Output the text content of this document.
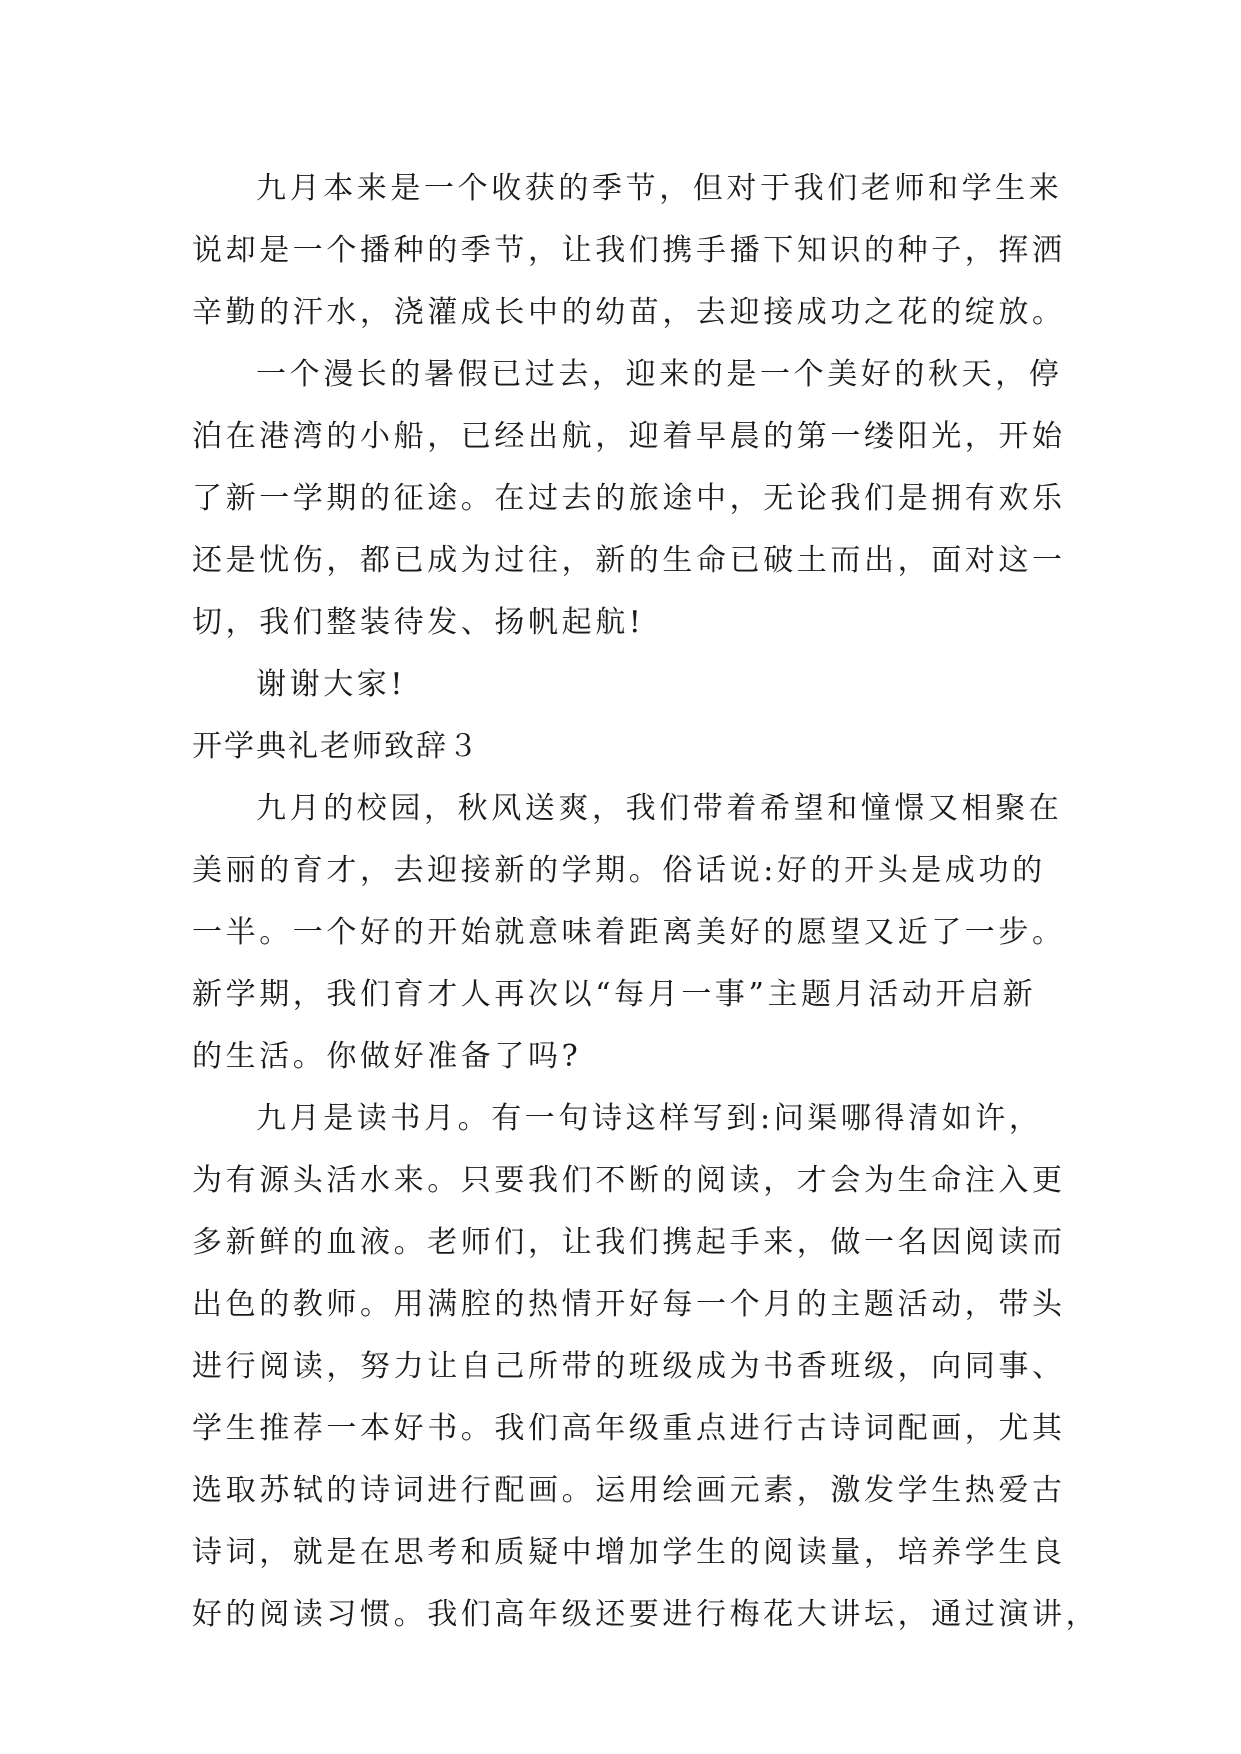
九月本来是一个收获的季节，但对于我们老师和学生来
说却是一个播种的季节，让我们携手播下知识的种子，挥洒
辛勤的汗水，浇灌成长中的幼苗，去迎接成功之花的绽放。
一个漫长的暑假已过去，迎来的是一个美好的秋天，停
泊在港湾的小船，已经出航，迎着早晨的第一缕阳光，开始
了新一学期的征途。在过去的旅途中，无论我们是拥有欢乐
还是忧伤，都已成为过往，新的生命已破土而出，面对这一
切，我们整装待发、扬帆起航!
谢谢大家!
开学典礼老师致辞３
九月的校园，秋风送爽，我们带着希望和憧憬又相聚在
美丽的育才，去迎接新的学期。俗话说:好的开头是成功的
一半。一个好的开始就意味着距离美好的愿望又近了一步。
新学期，我们育才人再次以“每月一事”主题月活动开启新
的生活。你做好准备了吗?
九月是读书月。有一句诗这样写到:问渠哪得清如许，
为有源头活水来。只要我们不断的阅读，才会为生命注入更
多新鲜的血液。老师们，让我们携起手来，做一名因阅读而
出色的教师。用满腔的热情开好每一个月的主题活动，带头
进行阅读，努力让自己所带的班级成为书香班级，向同事、
学生推荐一本好书。我们高年级重点进行古诗词配画，尤其
选取苏轼的诗词进行配画。运用绘画元素，激发学生热爱古
诗词，就是在思考和质疑中增加学生的阅读量，培养学生良
好的阅读习惯。我们高年级还要进行梅花大讲坛，通过演讲，
